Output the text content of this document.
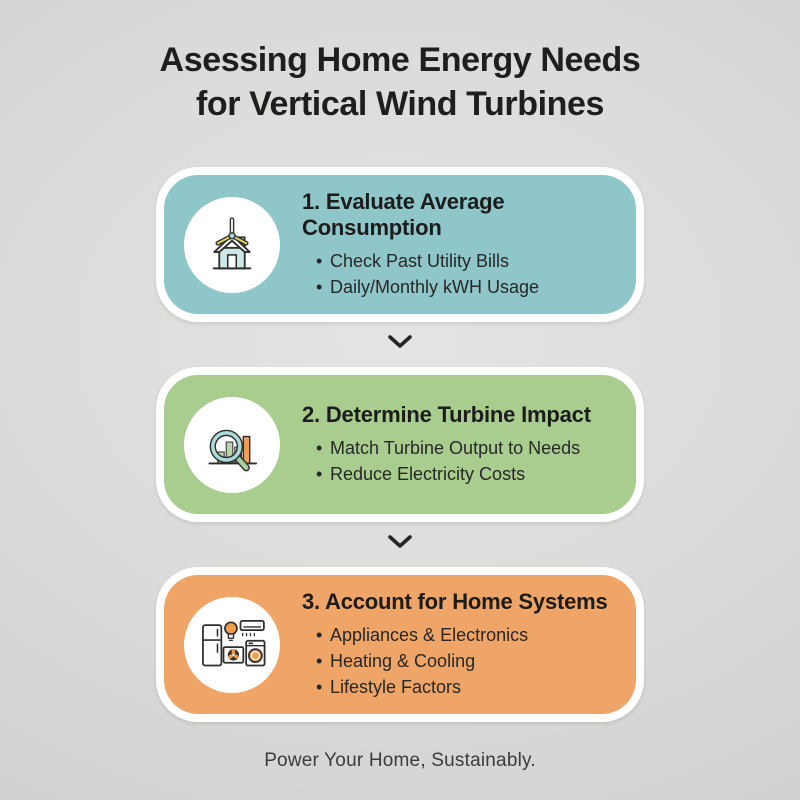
Asessing Home Energy Needs
for Vertical Wind Turbines
1. Evaluate Average Consumption
• Check Past Utility Bills
• Daily/Monthly kWH Usage
2. Determine Turbine Impact
• Match Turbine Output to Needs
• Reduce Electricity Costs
3. Account for Home Systems
• Appliances & Electronics
• Heating & Cooling
• Lifestyle Factors
Power Your Home, Sustainably.
